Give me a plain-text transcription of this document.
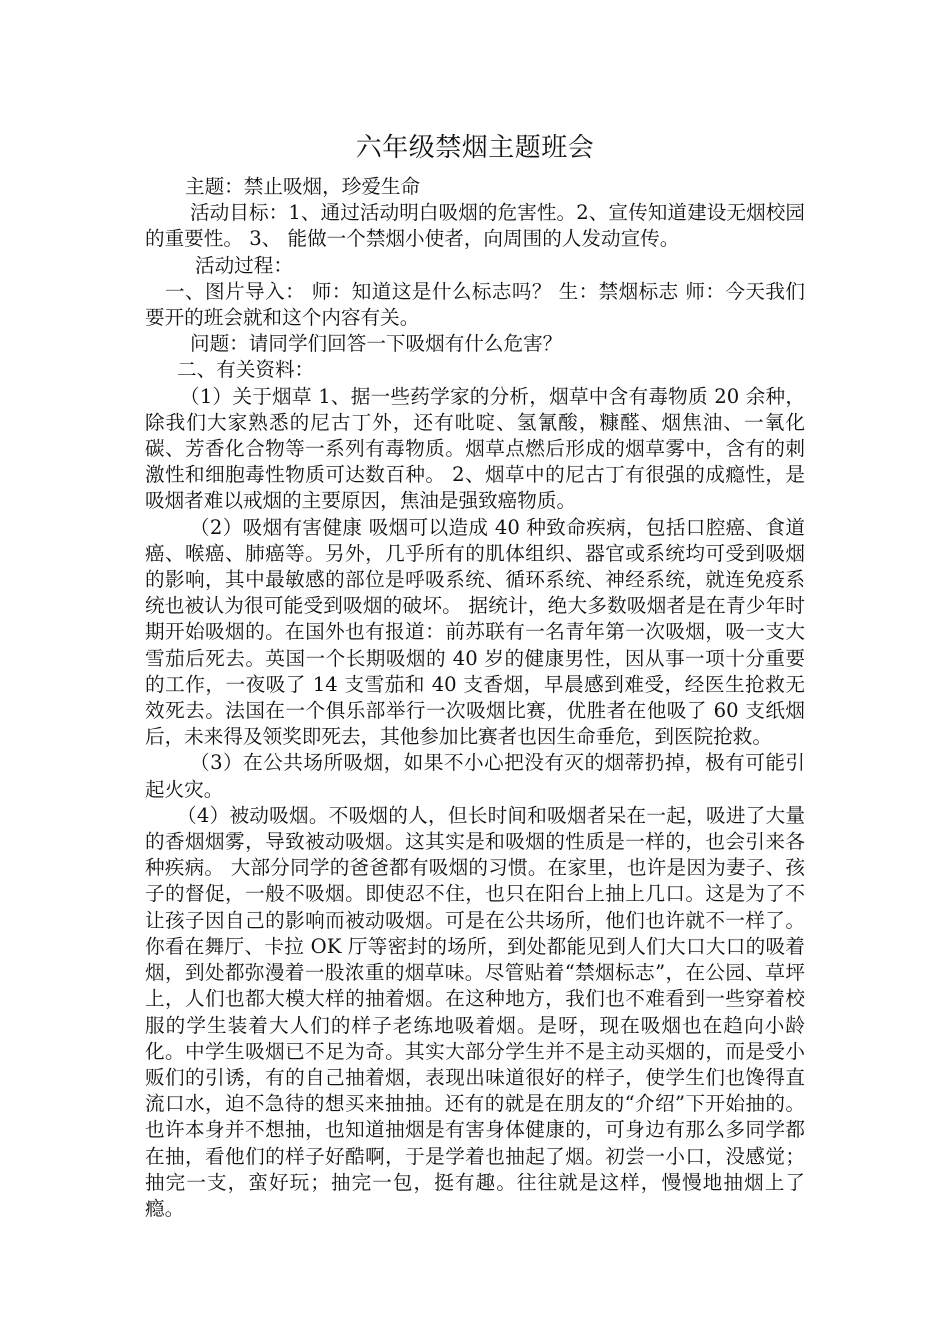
六年级禁烟主题班会

主题：禁止吸烟，珍爱生命

活动目标：1、通过活动明白吸烟的危害性。2、宣传知道建设无烟校园的重要性。 3、 能做一个禁烟小使者，向周围的人发动宣传。

活动过程：

一、图片导入： 师：知道这是什么标志吗？ 生：禁烟标志 师：今天我们要开的班会就和这个内容有关。

问题：请同学们回答一下吸烟有什么危害？

二、有关资料：

（1）关于烟草 1、据一些药学家的分析，烟草中含有毒物质 20 余种，除我们大家熟悉的尼古丁外，还有吡啶、氢氰酸，糠醛、烟焦油、一氧化碳、芳香化合物等一系列有毒物质。烟草点燃后形成的烟草雾中，含有的刺激性和细胞毒性物质可达数百种。 2、烟草中的尼古丁有很强的成瘾性，是吸烟者难以戒烟的主要原因，焦油是强致癌物质。

（2）吸烟有害健康 吸烟可以造成 40 种致命疾病，包括口腔癌、食道癌、喉癌、肺癌等。另外，几乎所有的肌体组织、器官或系统均可受到吸烟的影响，其中最敏感的部位是呼吸系统、循环系统、神经系统，就连免疫系统也被认为很可能受到吸烟的破坏。 据统计，绝大多数吸烟者是在青少年时期开始吸烟的。在国外也有报道：前苏联有一名青年第一次吸烟，吸一支大雪茄后死去。英国一个长期吸烟的 40 岁的健康男性，因从事一项十分重要的工作，一夜吸了 14 支雪茄和 40 支香烟，早晨感到难受，经医生抢救无效死去。法国在一个俱乐部举行一次吸烟比赛，优胜者在他吸了 60 支纸烟后，未来得及领奖即死去，其他参加比赛者也因生命垂危，到医院抢救。

（3）在公共场所吸烟，如果不小心把没有灭的烟蒂扔掉，极有可能引起火灾。

（4）被动吸烟。不吸烟的人，但长时间和吸烟者呆在一起，吸进了大量的香烟烟雾，导致被动吸烟。这其实是和吸烟的性质是一样的，也会引来各种疾病。 大部分同学的爸爸都有吸烟的习惯。在家里，也许是因为妻子、孩子的督促，一般不吸烟。即使忍不住，也只在阳台上抽上几口。这是为了不让孩子因自己的影响而被动吸烟。可是在公共场所，他们也许就不一样了。你看在舞厅、卡拉 OK 厅等密封的场所，到处都能见到人们大口大口的吸着烟，到处都弥漫着一股浓重的烟草味。尽管贴着“禁烟标志”，在公园、草坪上，人们也都大模大样的抽着烟。在这种地方，我们也不难看到一些穿着校服的学生装着大人们的样子老练地吸着烟。是呀，现在吸烟也在趋向小龄化。中学生吸烟已不足为奇。其实大部分学生并不是主动买烟的，而是受小贩们的引诱，有的自己抽着烟，表现出味道很好的样子，使学生们也馋得直流口水，迫不急待的想买来抽抽。还有的就是在朋友的“介绍”下开始抽的。也许本身并不想抽，也知道抽烟是有害身体健康的，可身边有那么多同学都在抽，看他们的样子好酷啊，于是学着也抽起了烟。初尝一小口，没感觉；抽完一支，蛮好玩；抽完一包，挺有趣。往往就是这样，慢慢地抽烟上了瘾。
